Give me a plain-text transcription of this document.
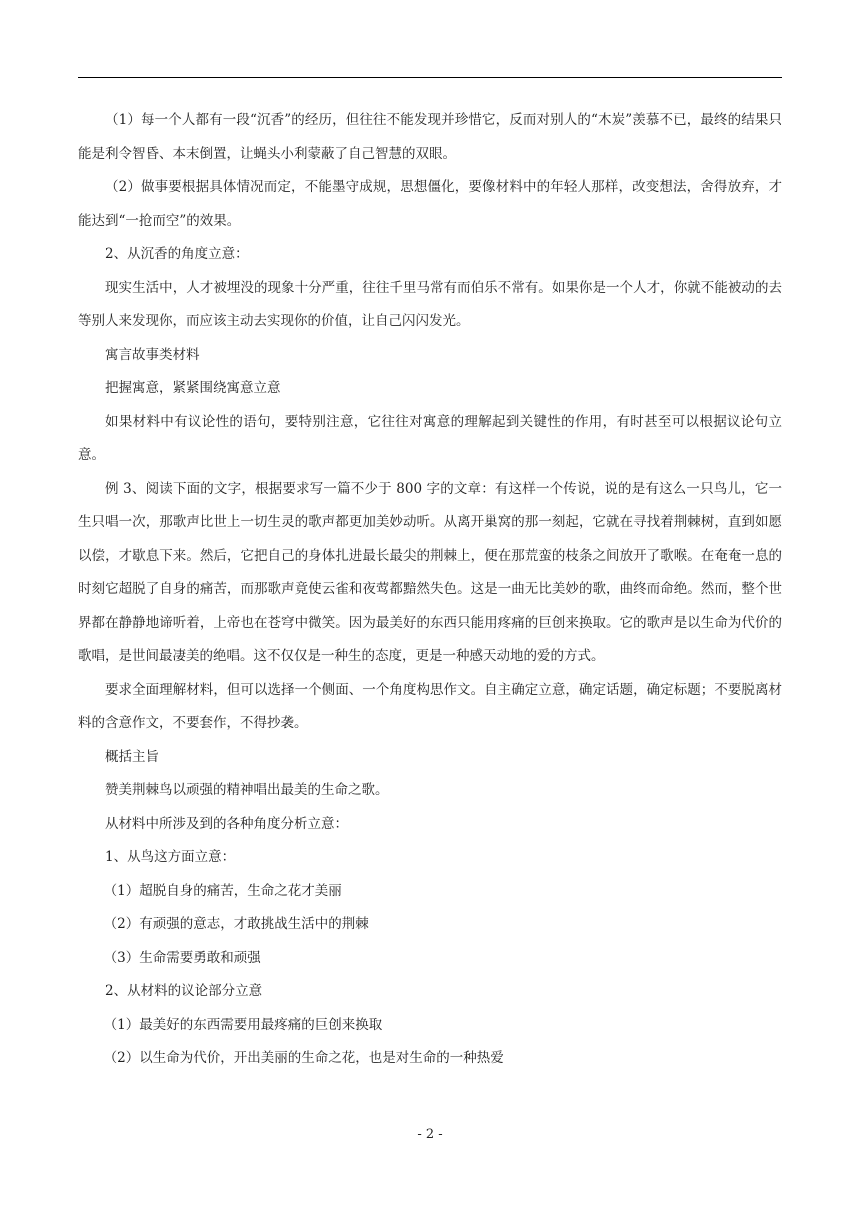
（1）每一个人都有一段“沉香”的经历，但往往不能发现并珍惜它，反而对别人的“木炭”羡慕不已，最终的结果只能是利令智昏、本末倒置，让蝇头小利蒙蔽了自己智慧的双眼。

（2）做事要根据具体情况而定，不能墨守成规，思想僵化，要像材料中的年轻人那样，改变想法，舍得放弃，才能达到“一抢而空”的效果。

2、从沉香的角度立意：

现实生活中，人才被埋没的现象十分严重，往往千里马常有而伯乐不常有。如果你是一个人才，你就不能被动的去等别人来发现你，而应该主动去实现你的价值，让自己闪闪发光。

寓言故事类材料

把握寓意，紧紧围绕寓意立意

如果材料中有议论性的语句，要特别注意，它往往对寓意的理解起到关键性的作用，有时甚至可以根据议论句立意。

例 3、阅读下面的文字，根据要求写一篇不少于 800 字的文章：有这样一个传说，说的是有这么一只鸟儿，它一生只唱一次，那歌声比世上一切生灵的歌声都更加美妙动听。从离开巢窝的那一刻起，它就在寻找着荆棘树，直到如愿以偿，才歇息下来。然后，它把自己的身体扎进最长最尖的荆棘上，便在那荒蛮的枝条之间放开了歌喉。在奄奄一息的时刻它超脱了自身的痛苦，而那歌声竟使云雀和夜莺都黯然失色。这是一曲无比美妙的歌，曲终而命绝。然而，整个世界都在静静地谛听着，上帝也在苍穹中微笑。因为最美好的东西只能用疼痛的巨创来换取。它的歌声是以生命为代价的歌唱，是世间最凄美的绝唱。这不仅仅是一种生的态度，更是一种感天动地的爱的方式。

要求全面理解材料，但可以选择一个侧面、一个角度构思作文。自主确定立意，确定话题，确定标题；不要脱离材料的含意作文，不要套作，不得抄袭。

概括主旨

赞美荆棘鸟以顽强的精神唱出最美的生命之歌。

从材料中所涉及到的各种角度分析立意：

1、从鸟这方面立意：

（1）超脱自身的痛苦，生命之花才美丽

（2）有顽强的意志，才敢挑战生活中的荆棘

（3）生命需要勇敢和顽强

2、从材料的议论部分立意

（1）最美好的东西需要用最疼痛的巨创来换取

（2）以生命为代价，开出美丽的生命之花，也是对生命的一种热爱

- 2 -
